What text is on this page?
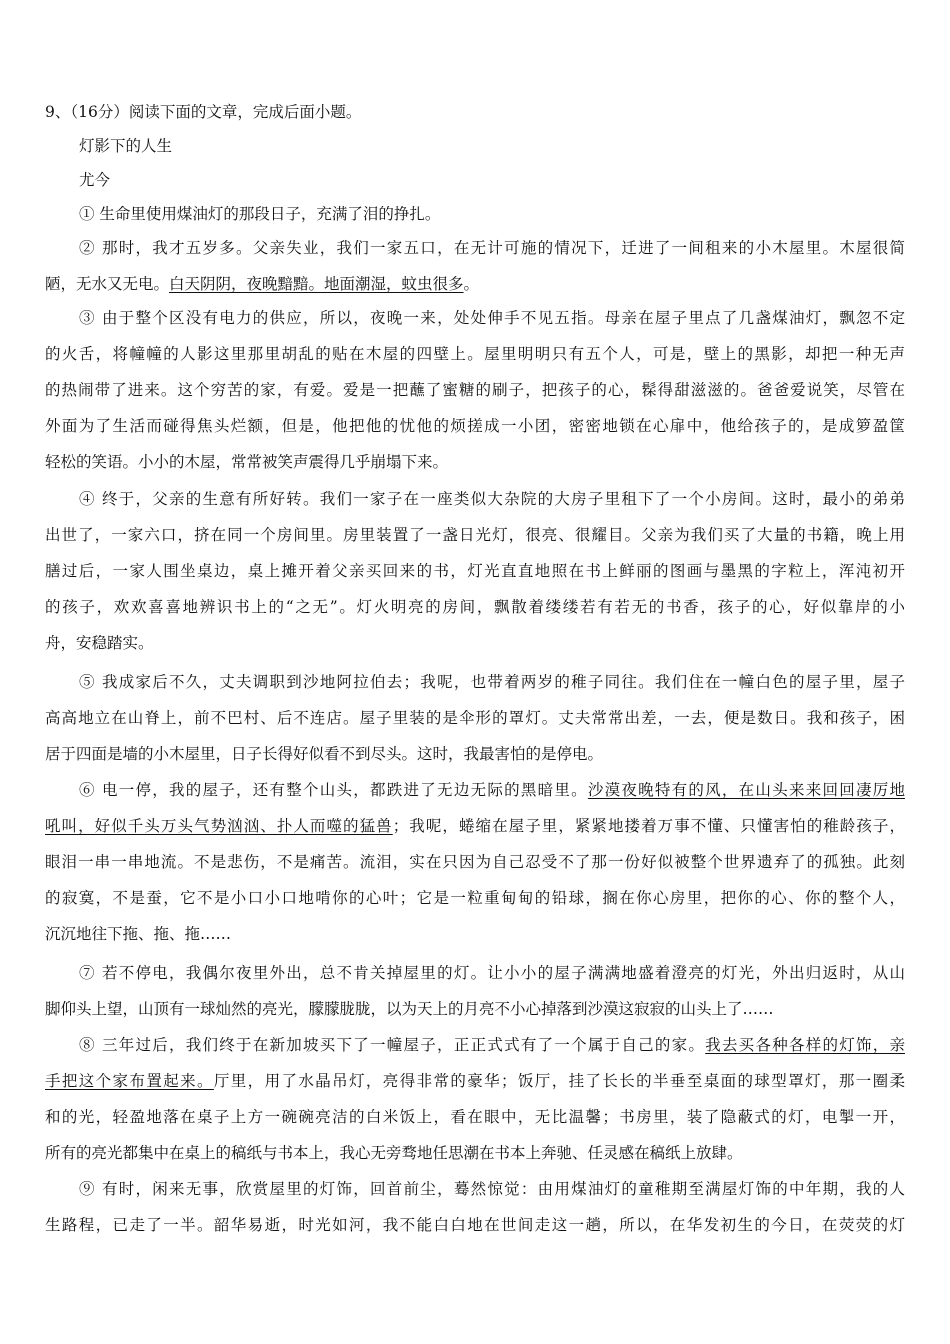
9、（16分）阅读下面的文章，完成后面小题。
灯影下的人生
尤今
① 生命里使用煤油灯的那段日子，充满了泪的挣扎。
② 那时，我才五岁多。父亲失业，我们一家五口，在无计可施的情况下，迁进了一间租来的小木屋里。木屋很简
陋，无水又无电。白天阴阴，夜晚黯黯。地面潮湿，蚊虫很多。
③ 由于整个区没有电力的供应，所以，夜晚一来，处处伸手不见五指。母亲在屋子里点了几盏煤油灯，飘忽不定
的火舌，将幢幢的人影这里那里胡乱的贴在木屋的四壁上。屋里明明只有五个人，可是，壁上的黑影，却把一种无声
的热闹带了进来。这个穷苦的家，有爱。爱是一把蘸了蜜糖的刷子，把孩子的心，髹得甜滋滋的。爸爸爱说笑，尽管在
外面为了生活而碰得焦头烂额，但是，他把他的忧他的烦搓成一小团，密密地锁在心扉中，他给孩子的，是成箩盈筐
轻松的笑语。小小的木屋，常常被笑声震得几乎崩塌下来。
④ 终于，父亲的生意有所好转。我们一家子在一座类似大杂院的大房子里租下了一个小房间。这时，最小的弟弟
出世了，一家六口，挤在同一个房间里。房里装置了一盏日光灯，很亮、很耀目。父亲为我们买了大量的书籍，晚上用
膳过后，一家人围坐桌边，桌上摊开着父亲买回来的书，灯光直直地照在书上鲜丽的图画与墨黑的字粒上，浑沌初开
的孩子，欢欢喜喜地辨识书上的“之无”。灯火明亮的房间，飘散着缕缕若有若无的书香，孩子的心，好似靠岸的小
舟，安稳踏实。
⑤ 我成家后不久，丈夫调职到沙地阿拉伯去；我呢，也带着两岁的稚子同往。我们住在一幢白色的屋子里，屋子
高高地立在山脊上，前不巴村、后不连店。屋子里装的是伞形的罩灯。丈夫常常出差，一去，便是数日。我和孩子，困
居于四面是墙的小木屋里，日子长得好似看不到尽头。这时，我最害怕的是停电。
⑥ 电一停，我的屋子，还有整个山头，都跌进了无边无际的黑暗里。沙漠夜晚特有的风，在山头来来回回凄厉地
吼叫，好似千头万头气势汹汹、扑人而噬的猛兽；我呢，蜷缩在屋子里，紧紧地搂着万事不懂、只懂害怕的稚龄孩子，
眼泪一串一串地流。不是悲伤，不是痛苦。流泪，实在只因为自己忍受不了那一份好似被整个世界遗弃了的孤独。此刻
的寂寞，不是蚕，它不是小口小口地啃你的心叶；它是一粒重甸甸的铅球，搁在你心房里，把你的心、你的整个人，
沉沉地往下拖、拖、拖……
⑦ 若不停电，我偶尔夜里外出，总不肯关掉屋里的灯。让小小的屋子满满地盛着澄亮的灯光，外出归返时，从山
脚仰头上望，山顶有一球灿然的亮光，朦朦胧胧，以为天上的月亮不小心掉落到沙漠这寂寂的山头上了……
⑧ 三年过后，我们终于在新加坡买下了一幢屋子，正正式式有了一个属于自己的家。我去买各种各样的灯饰，亲
手把这个家布置起来。厅里，用了水晶吊灯，亮得非常的豪华；饭厅，挂了长长的半垂至桌面的球型罩灯，那一圈柔
和的光，轻盈地落在桌子上方一碗碗亮洁的白米饭上，看在眼中，无比温馨；书房里，装了隐蔽式的灯，电掣一开，
所有的亮光都集中在桌上的稿纸与书本上，我心无旁骛地任思潮在书本上奔驰、任灵感在稿纸上放肆。
⑨ 有时，闲来无事，欣赏屋里的灯饰，回首前尘，蓦然惊觉：由用煤油灯的童稚期至满屋灯饰的中年期，我的人
生路程，已走了一半。韶华易逝，时光如河，我不能白白地在世间走这一趟，所以，在华发初生的今日，在荧荧的灯
